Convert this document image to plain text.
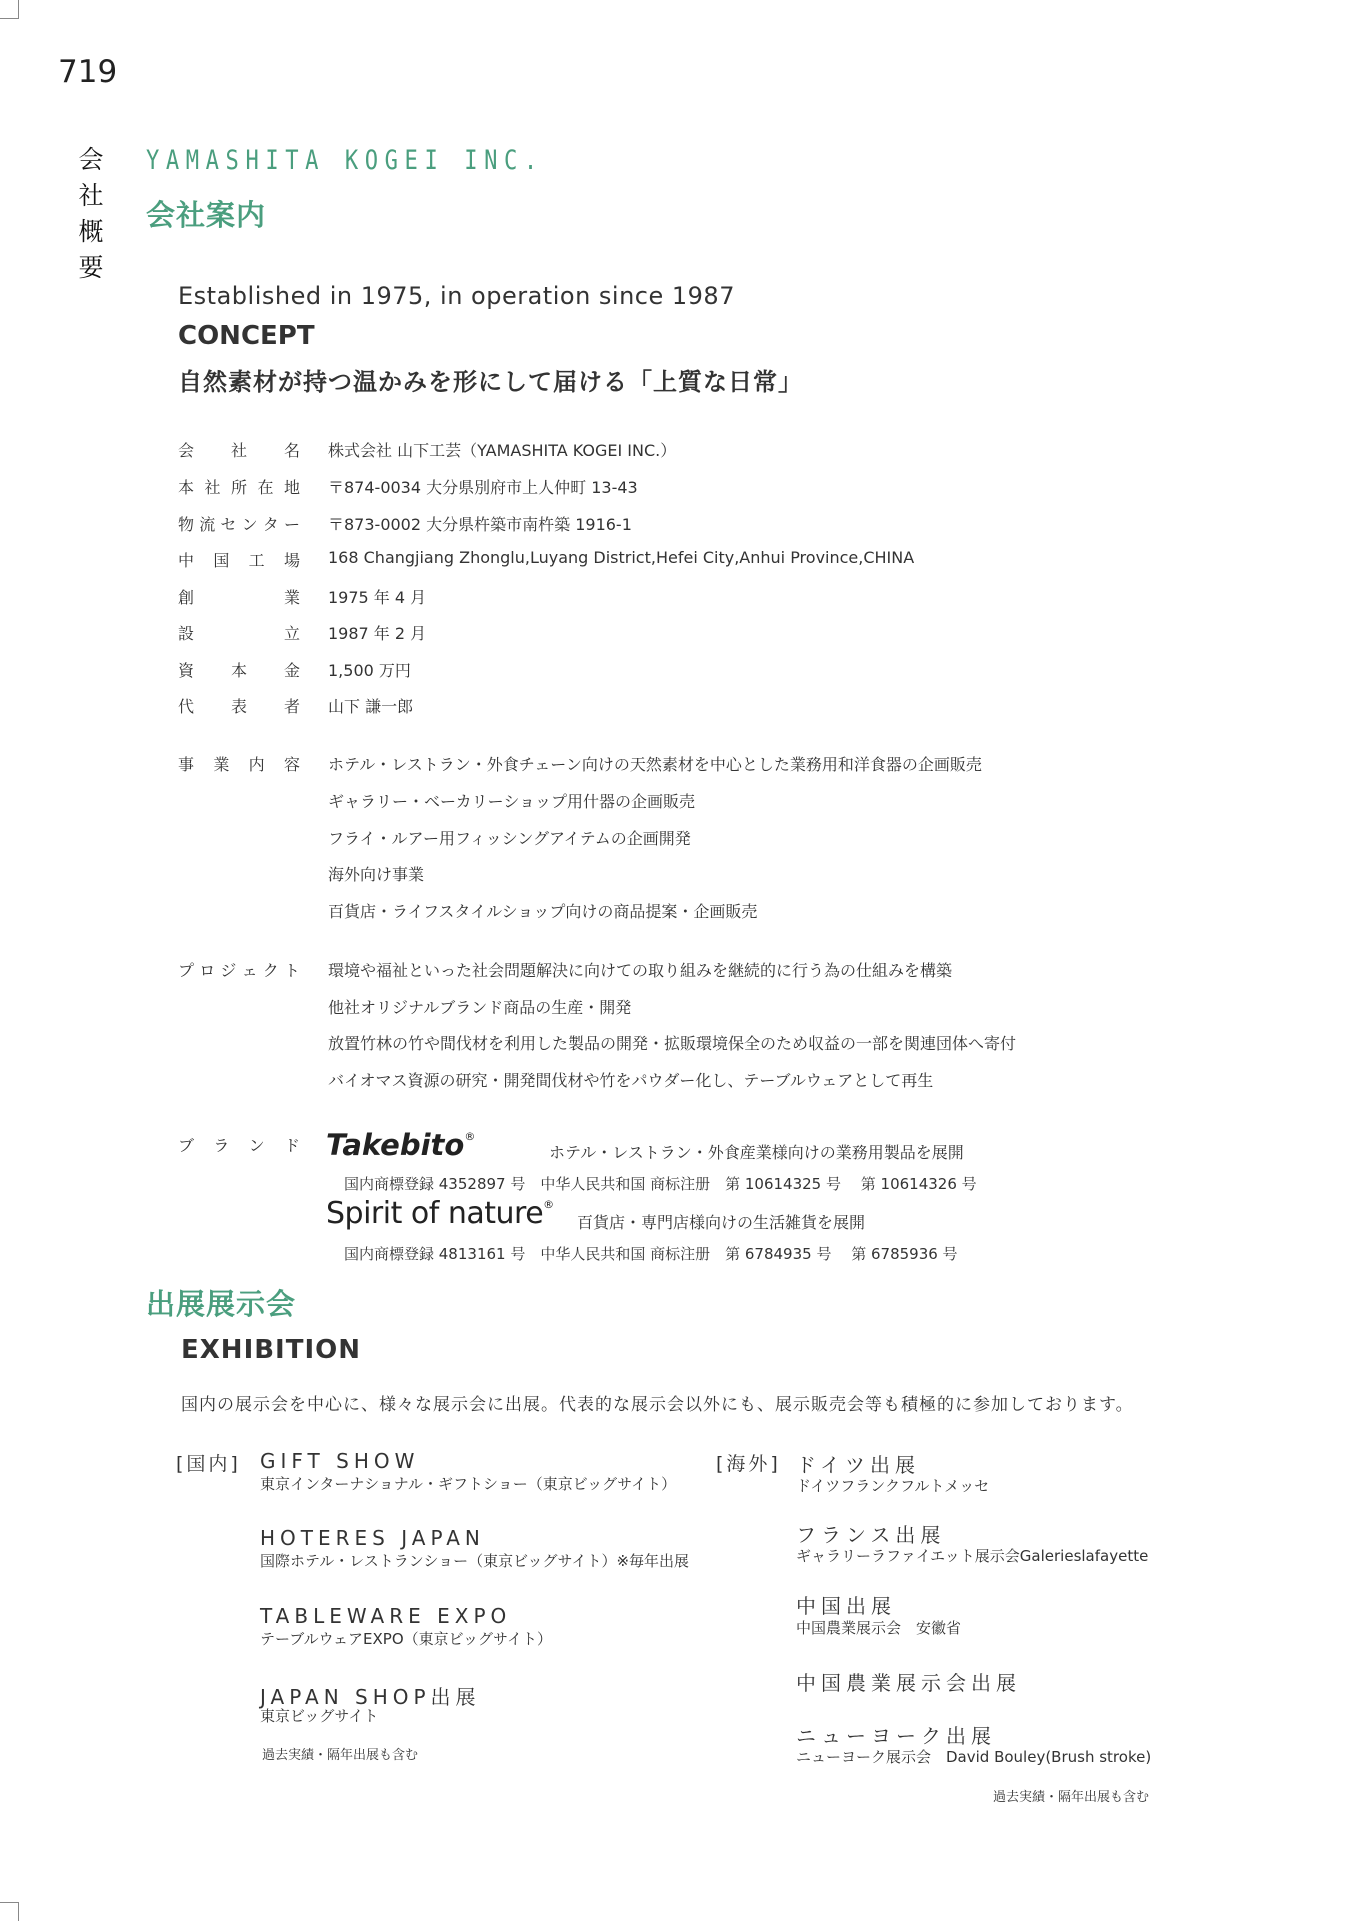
719
会
社
概
要
YAMASHITA KOGEI INC.
会社案内
Established in 1975, in operation since 1987
CONCEPT
自然素材が持つ温かみを形にして届ける「上質な日常」
会 社 名 株式会社 山下工芸（YAMASHITA KOGEI INC.）
本 社 所 在 地 〒874-0034 大分県別府市上人仲町 13-43
物 流 セ ン タ ー 〒873-0002 大分県杵築市南杵築 1916-1
中 国 工 場 168 Changjiang Zhonglu,Luyang District,Hefei City,Anhui Province,CHINA
創	業 1975 年 4 月
設	立 1987 年 2 月
資 本 金 1,500 万円
代 表 者 山下 謙一郎
事 業 内 容 ホテル・レストラン・外食チェーン向けの天然素材を中心とした業務用和洋食器の企画販売
ギャラリー・ベーカリーショップ用什器の企画販売
フライ・ルアー用フィッシングアイテムの企画開発
海外向け事業
百貨店・ライフスタイルショップ向けの商品提案・企画販売
プ ロ ジ ェ ク ト 環境や福祉といった社会問題解決に向けての取り組みを継続的に行う為の仕組みを構築
他社オリジナルブランド商品の生産・開発
放置竹林の竹や間伐材を利用した製品の開発・拡販環境保全のため収益の一部を関連団体へ寄付
バイオマス資源の研究・開発間伐材や竹をパウダー化し、テーブルウェアとして再生
ブ ラ ン ド Takebito®
ホテル・レストラン・外食産業様向けの業務用製品を展開
国内商標登録 4352897 号　中华人民共和国 商标注册　第 10614325 号　 第 10614326 号
Spirit of nature®
百貨店・専門店様向けの生活雑貨を展開
国内商標登録 4813161 号　中华人民共和国 商标注册　第 6784935 号　 第 6785936 号
出展展示会
EXHIBITION
国内の展示会を中心に、様々な展示会に出展。代表的な展示会以外にも、展示販売会等も積極的に参加しております。
[国内] GIFT SHOW
東京インターナショナル・ギフトショー（東京ビッグサイト）
HOTERES JAPAN
国際ホテル・レストランショー（東京ビッグサイト）※毎年出展
TABLEWARE EXPO
テーブルウェアEXPO（東京ビッグサイト）
JAPAN SHOP出展
東京ビッグサイト
過去実績・隔年出展も含む
[海外] ドイツ出展
ドイツフランクフルトメッセ
フランス出展
ギャラリーラファイエット展示会Galerieslafayette
中国出展
中国農業展示会　安徽省
中国農業展示会出展
ニューヨーク出展
ニューヨーク展示会　David Bouley(Brush stroke)
過去実績・隔年出展も含む
